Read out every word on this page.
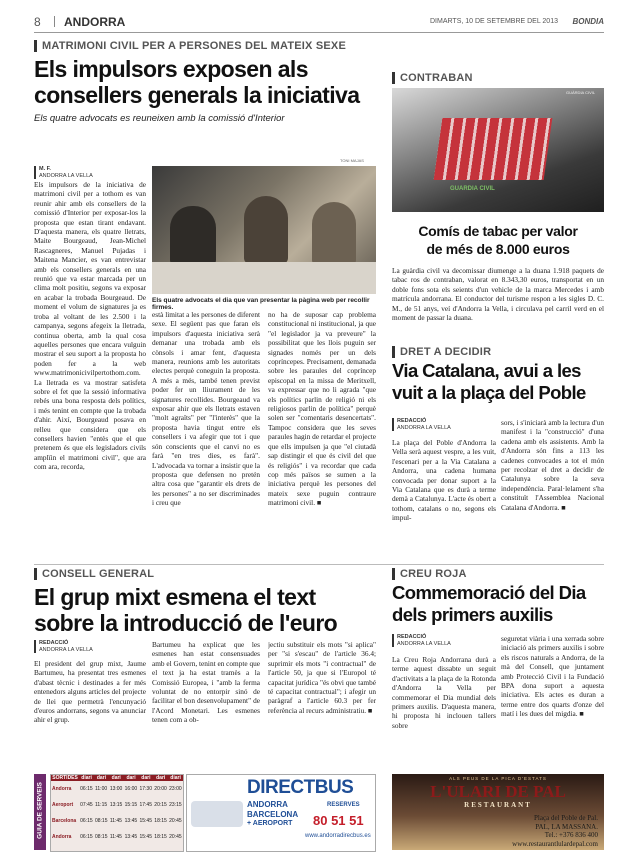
8 ANDORRA	DIMARTS, 10 DE SETEMBRE DEL 2013 BONDIA
MATRIMONI CIVIL PER A PERSONES DEL MATEIX SEXE
Els impulsors exposen als
consellers generals la iniciativa
Els quatre advocats es reuneixen amb la comissió d'Interior
M. F.
ANDORRA LA VELLA
TONI MAJAS
Els quatre advocats el dia que van presentar la pàgina web per recollir firmes.
Els impulsors de la iniciativa de matrimoni civil per a tothom es van reunir ahir amb els consellers de la comissió d'Interior per exposar-los la proposta que estan tirant endavant. D'aquesta manera, els quatre lletrats, Maite Bourgeaud, Jean-Michel Rascagneres, Manuel Pujadas i Maitena Mancier, es van entrevistar amb els consellers generals en una reunió que va estar marcada per un clima molt positiu, segons va exposar en acabar la trobada Bourgeaud. De moment el volum de signatures ja es troba al voltant de les 2.500 i la campanya, segons afegeix la lletrada, continua oberta, amb la qual cosa aquelles persones que encara vulguin mostrar el seu suport a la proposta ho poden fer a la web www.matrimonicivilpertothom.com. La lletrada es va mostrar satisfeta sobre el fet que la sessió informativa rebés una bona resposta dels polítics, i més tenint en compte que la trobada d'ahir. Així, Bourgeaud posava en relleu que considera que els consellers havien "entès que el que pretenem és que els legisladors civils amplïin el matrimoni civil", que ara com ara, recorda,
està limitat a les persones de diferent sexe. El següent pas que faran els impulsors d'aquesta iniciativa serà demanar una trobada amb els cònsols i amar fent, d'aquesta manera, reunions amb les autoritats electes perquè coneguin la proposta. A més a més, també tenen previst poder fer un lliurament de les signatures recollides. Bourgeaud va exposar ahir que els lletrats estaven "molt agraïts" per "l'interès" que la proposta havia tingut entre els consellers i va afegir que tot i que són conscients que el canvi no es farà "en tres dies, es farà". L'advocada va tornar a insistir que la proposta que defensen no pretén altra cosa que "garantir els drets de les persones" a no ser discriminades i creu que
no ha de suposar cap problema constitucional ni institucional, ja que "el legislador ja va preveure" la possibilitat que les llois puguin ser signades només per un dels copríncepes. Precisament, demanada sobre les paraules del copríncep episcopal en la missa de Meritxell, va expressar que no li agrada "que els polítics parlin de religió ni els religiosos parlin de política" perquè solen ser "comentaris desencertats". Tampoc considera que les seves paraules hagin de retardar el projecte que ells impulsen ja que "el ciutadà sap distingir el que és civil del que és religiós" i va recordar que cada cop més països se sumen a la iniciativa perquè les persones del mateix sexe puguin contraure matrimoni civil. ■
CONTRABAN
GUARDIA CIVIL
GUÀRDIA CIVIL
Comís de tabac per valor
de més de 8.000 euros
La guàrdia civil va decomissar diumenge a la duana 1.918 paquets de tabac ros de contraban, valorat en 8.343,30 euros, transportat en un doble fons sota els seients d'un vehicle de la marca Mercedes i amb matrícula andorrana. El conductor del turisme respon a les sigles D. C. M., de 51 anys, veí d'Andorra la Vella, i circulava pel carril verd en el moment de passar la duana.
DRET A DECIDIR
Via Catalana, avui a les
vuit a la plaça del Poble
REDACCIÓ
ANDORRA LA VELLA
La plaça del Poble d'Andorra la Vella serà aquest vespre, a les vuit, l'escenari per a la Via Catalana a Andorra, una cadena humana convocada per donar suport a la Via Catalana que es durà a terme demà a Catalunya. L'acte és obert a tothom, catalans o no, segons els impul-
sors, i s'iniciarà amb la lectura d'un manifest i la "construcció" d'una cadena amb els assistents. Amb la d'Andorra són fins a 113 les cadenes convocades a tot el món per recolzar el dret a decidir de Catalunya sobre la seva independència. Paral·lelament s'ha constituït l'Assemblea Nacional Catalana d'Andorra. ■
CONSELL GENERAL
El grup mixt esmena el text
sobre la introducció de l'euro
REDACCIÓ
ANDORRA LA VELLA
El president del grup mixt, Jaume Bartumeu, ha presentat tres esmenes d'abast tècnic i destinades a fer més entenedors alguns articles del projecte de llei que permetrà l'encunyació d'euros andorrans, segons va anunciar ahir el grup.
Bartumeu ha explicat que les esmenes han estat consensuades amb el Govern, tenint en compte que el text ja ha estat tramès a la Comissió Europea, i "amb la ferma voluntat de no entorpir sinó de facilitar el bon desenvolupament" de l'Acord Monetari. Les esmenes tenen com a ob-
jectiu substituir els mots "si aplica" per "si s'escau" de l'article 36.4; suprimir els mots "i contractual" de l'article 50, ja que si l'Europol té capacitat jurídica "és obvi que també té capacitat contractual"; i afegir un paràgraf a l'article 60.3 per fer referència al recurs administratiu. ■
CREU ROJA
Commemoració del Dia
dels primers auxilis
REDACCIÓ
ANDORRA LA VELLA
La Creu Roja Andorrana durà a terme aquest dissabte un seguit d'activitats a la plaça de la Rotonda d'Andorra la Vella per commemorar el Dia mundial dels primers auxilis. D'aquesta manera, hi proposta hi inclouen tallers sobre
seguretat viària i una xerrada sobre iniciació als primers auxilis i sobre els riscos naturals a Andorra, de la mà del Consell, que juntament amb Protecció Civil i la Fundació BPA dona suport a aquesta iniciativa. Els actes es duran a terme entre dos quarts d'onze del matí i les dues del migdia. ■
GUIA DE SERVEIS
SORTIDES	diari	dari	dari	dari	dari	dari	diari
Andorra	06:15	11:00	13:00	16:00	17:30	20:00	23:00
Aeroport	07:45	11:15	13:15	15:15	17:45	20:15	23:15
Barcelona	06:15	08:15	11:45	13:45	15:45	18:15	20:45
Andorra	06:15	08:15	11:45	13:45	15:45	18:15	20:45
DIRECTBUS
ANDORRA
BARCELONA
+ AEROPORT
RESERVES
80 51 51
www.andorradirecbus.es
ALS PEUS DE LA PICA D'ESTATS
L'ULARI DE PAL
RESTAURANT
Plaça del Poble de Pal.
PAL, LA MASSANA.
Tel.: +376 836 400
www.restaurantlulardepal.com
